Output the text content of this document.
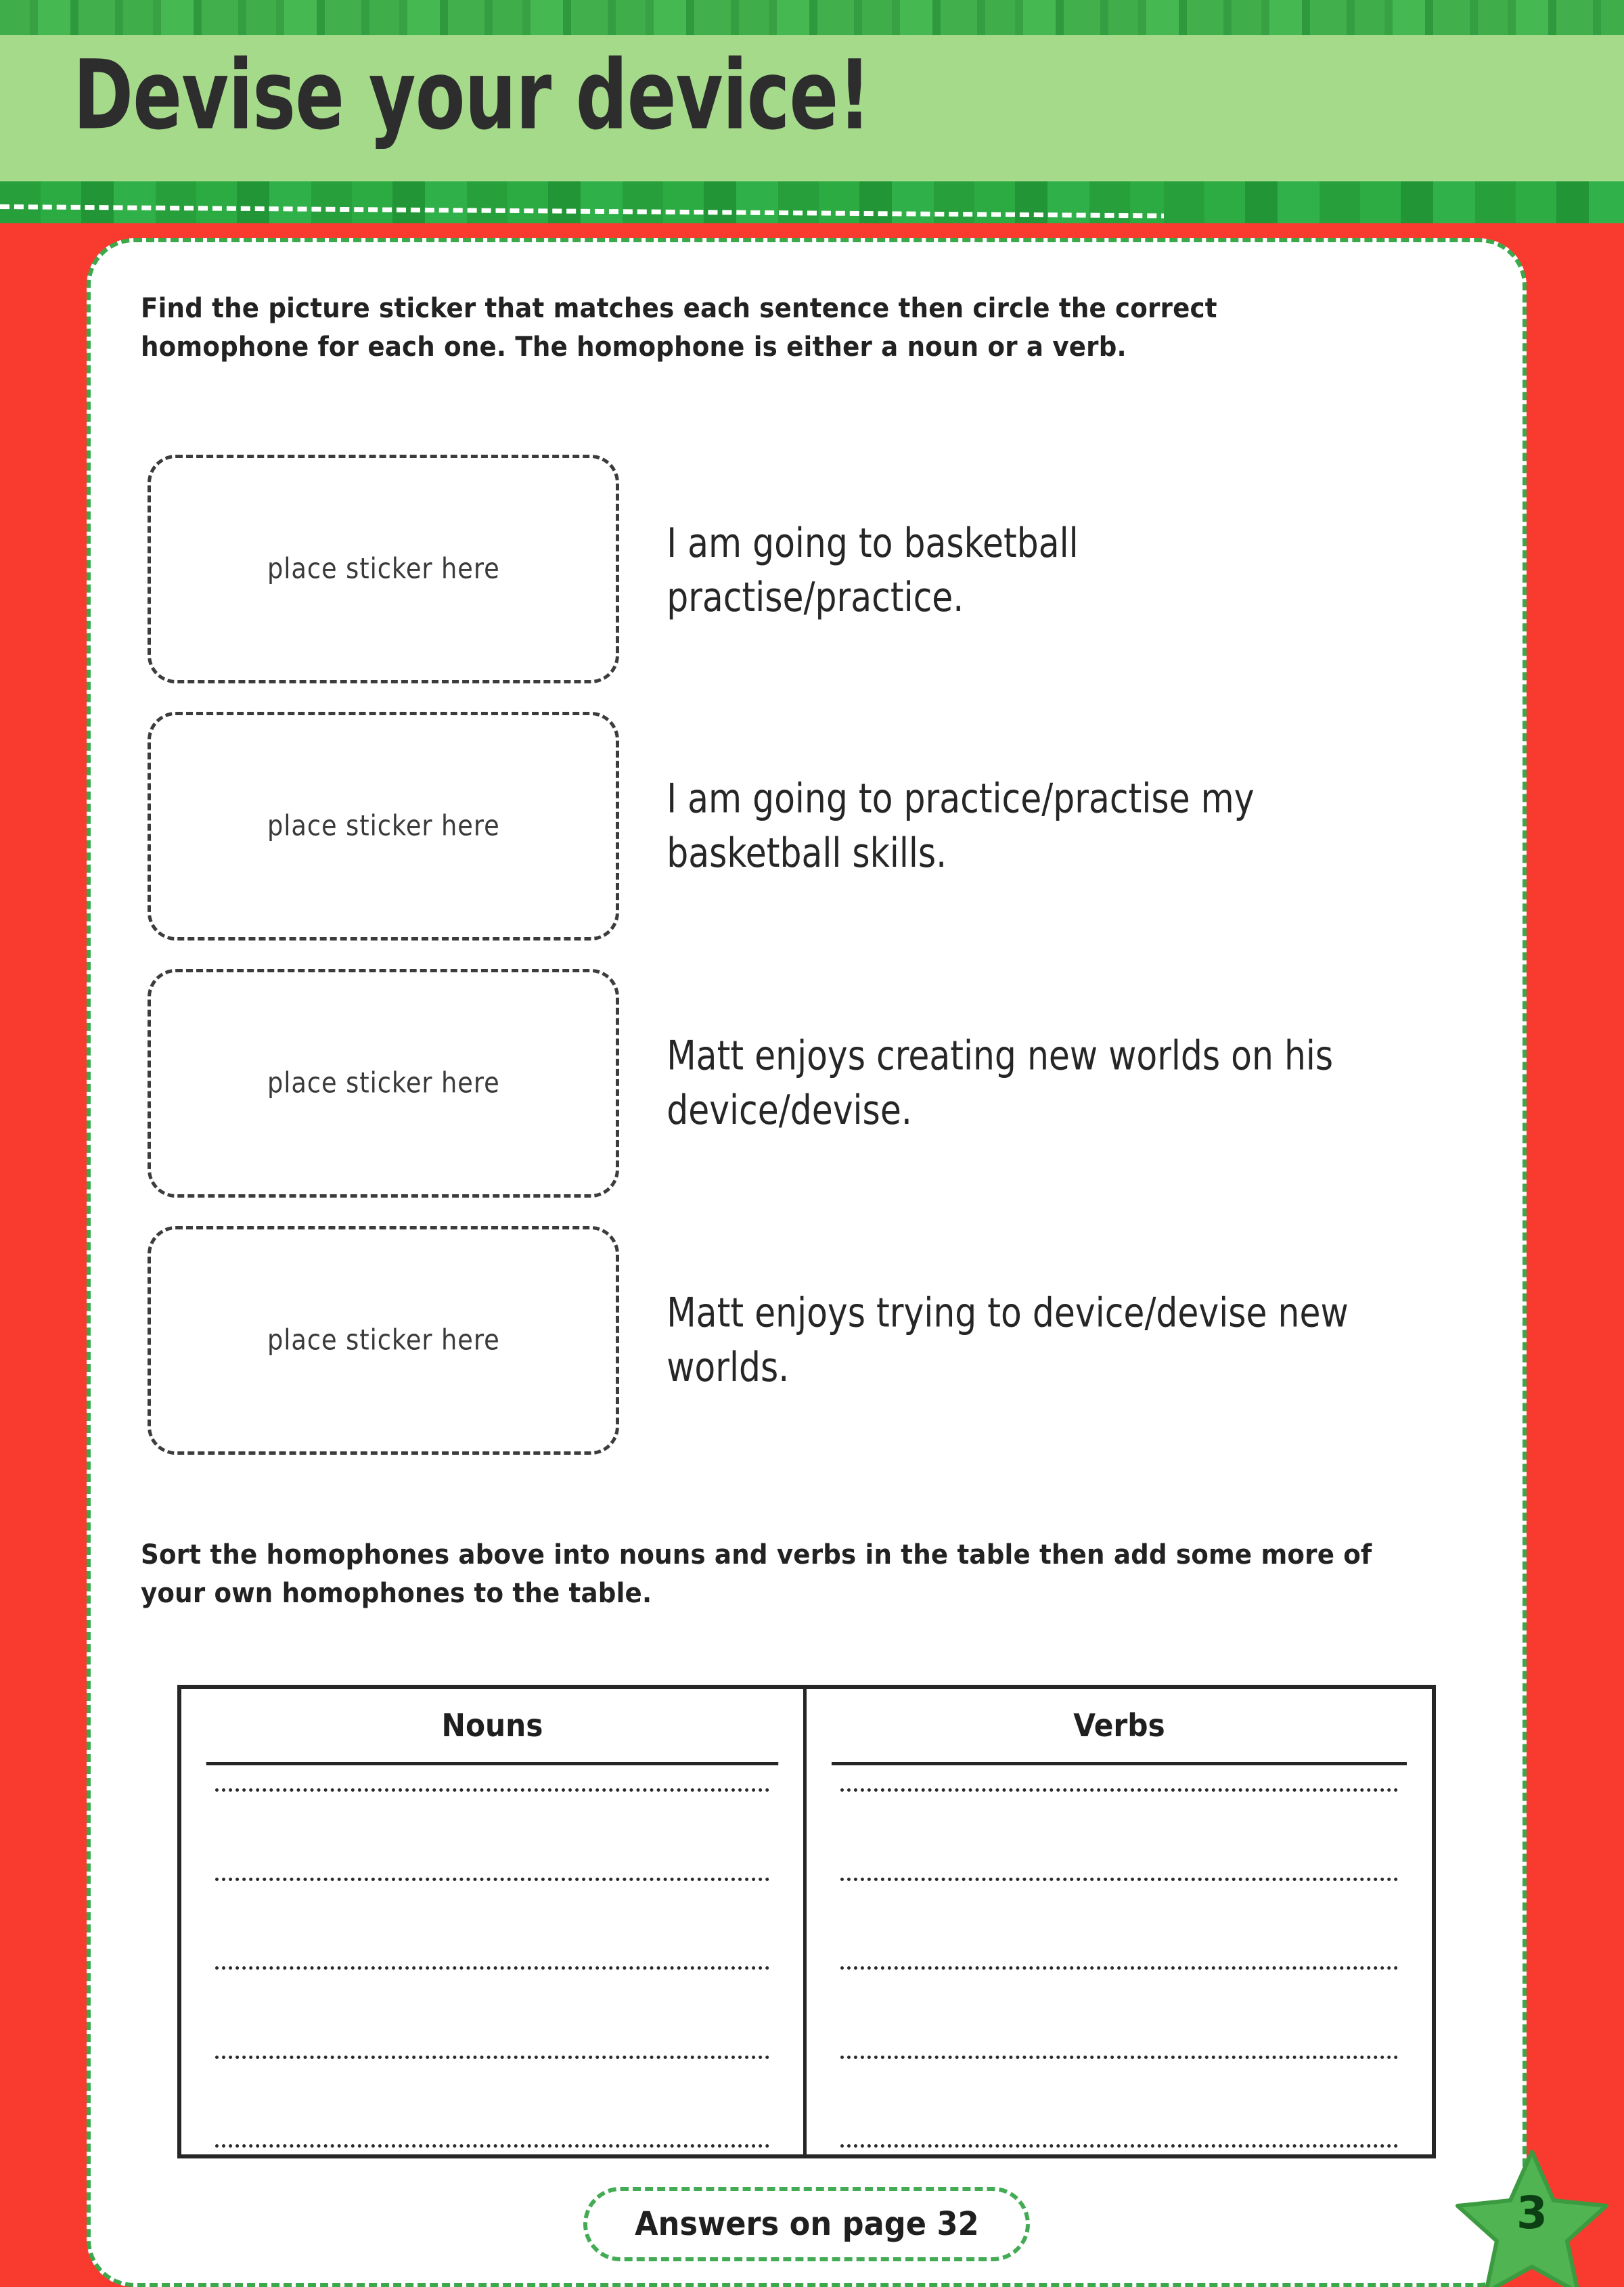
Devise your device!
Find the picture sticker that matches each sentence then circle the correct homophone for each one. The homophone is either a noun or a verb.
place sticker here
I am going to basketball practise/practice.
place sticker here
I am going to practice/practise my basketball skills.
place sticker here
Matt enjoys creating new worlds on his device/devise.
place sticker here
Matt enjoys trying to device/devise new worlds.
Sort the homophones above into nouns and verbs in the table then add some more of your own homophones to the table.
Nouns	Verbs
Answers on page 32	3
